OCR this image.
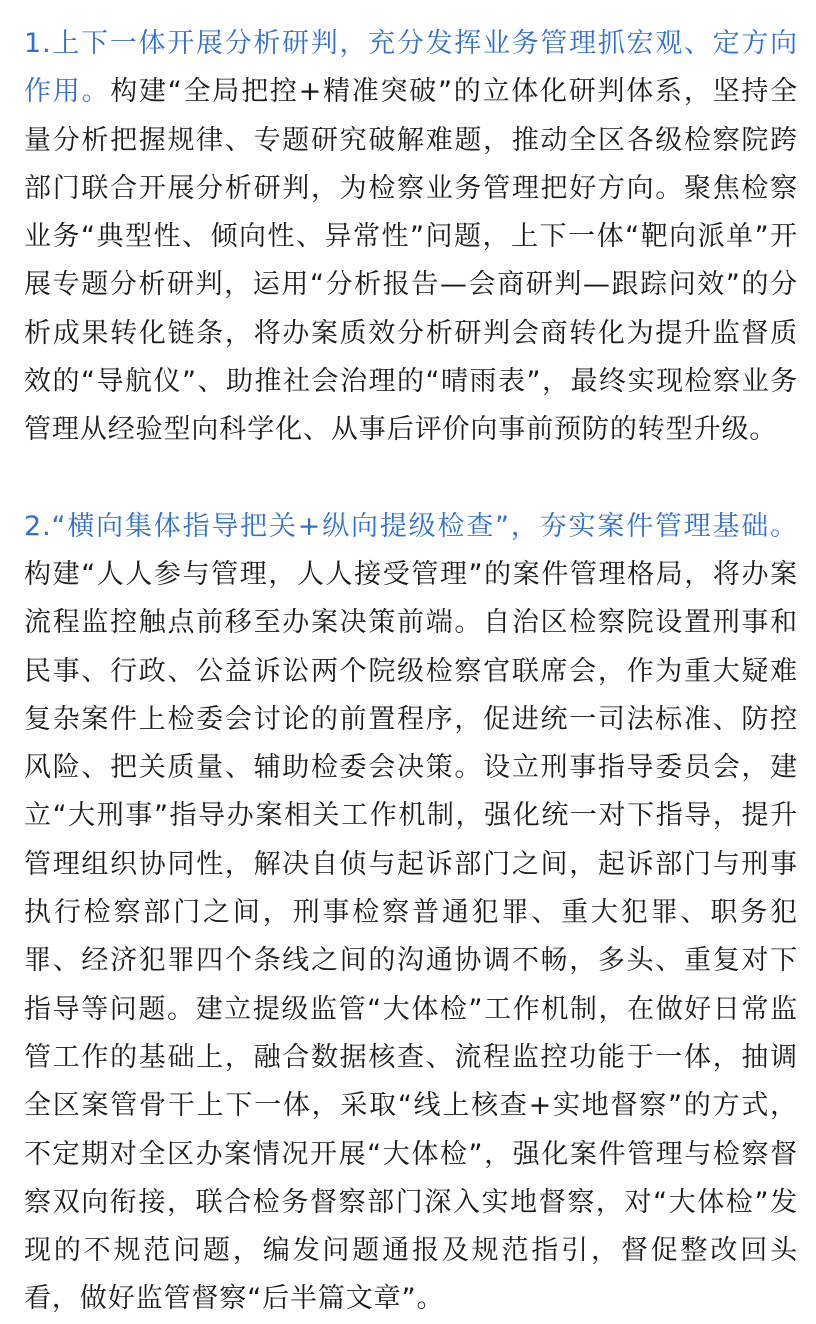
1.上下一体开展分析研判，充分发挥业务管理抓宏观、定方向作用。构建“全局把控+精准突破”的立体化研判体系，坚持全量分析把握规律、专题研究破解难题，推动全区各级检察院跨部门联合开展分析研判，为检察业务管理把好方向。聚焦检察业务“典型性、倾向性、异常性”问题，上下一体“靶向派单”开展专题分析研判，运用“分析报告—会商研判—跟踪问效”的分析成果转化链条，将办案质效分析研判会商转化为提升监督质效的“导航仪”、助推社会治理的“晴雨表”，最终实现检察业务管理从经验型向科学化、从事后评价向事前预防的转型升级。

2.“横向集体指导把关+纵向提级检查”，夯实案件管理基础。构建“人人参与管理，人人接受管理”的案件管理格局，将办案流程监控触点前移至办案决策前端。自治区检察院设置刑事和民事、行政、公益诉讼两个院级检察官联席会，作为重大疑难复杂案件上检委会讨论的前置程序，促进统一司法标准、防控风险、把关质量、辅助检委会决策。设立刑事指导委员会，建立“大刑事”指导办案相关工作机制，强化统一对下指导，提升管理组织协同性，解决自侦与起诉部门之间，起诉部门与刑事执行检察部门之间，刑事检察普通犯罪、重大犯罪、职务犯罪、经济犯罪四个条线之间的沟通协调不畅，多头、重复对下指导等问题。建立提级监管“大体检”工作机制，在做好日常监管工作的基础上，融合数据核查、流程监控功能于一体，抽调全区案管骨干上下一体，采取“线上核查+实地督察”的方式，不定期对全区办案情况开展“大体检”，强化案件管理与检察督察双向衔接，联合检务督察部门深入实地督察，对“大体检”发现的不规范问题，编发问题通报及规范指引，督促整改回头看，做好监管督察“后半篇文章”。
